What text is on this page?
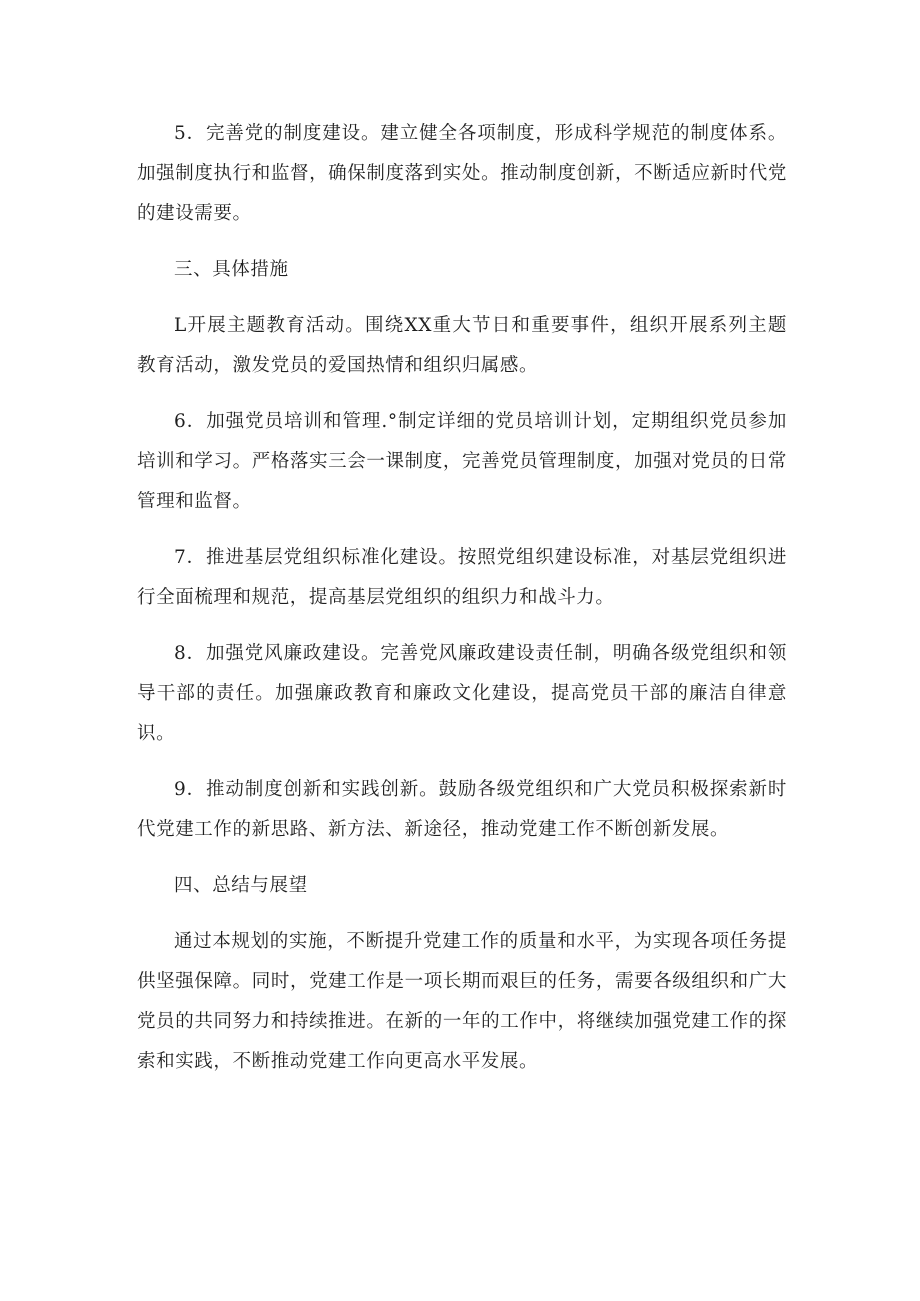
5．完善党的制度建设。建立健全各项制度，形成科学规范的制度体系。加强制度执行和监督，确保制度落到实处。推动制度创新，不断适应新时代党的建设需要。

三、具体措施

L开展主题教育活动。围绕XX重大节日和重要事件，组织开展系列主题教育活动，激发党员的爱国热情和组织归属感。

6．加强党员培训和管理.°制定详细的党员培训计划，定期组织党员参加培训和学习。严格落实三会一课制度，完善党员管理制度，加强对党员的日常管理和监督。

7．推进基层党组织标准化建设。按照党组织建设标准，对基层党组织进行全面梳理和规范，提高基层党组织的组织力和战斗力。

8．加强党风廉政建设。完善党风廉政建设责任制，明确各级党组织和领导干部的责任。加强廉政教育和廉政文化建设，提高党员干部的廉洁自律意识。

9．推动制度创新和实践创新。鼓励各级党组织和广大党员积极探索新时代党建工作的新思路、新方法、新途径，推动党建工作不断创新发展。

四、总结与展望

通过本规划的实施，不断提升党建工作的质量和水平，为实现各项任务提供坚强保障。同时，党建工作是一项长期而艰巨的任务，需要各级组织和广大党员的共同努力和持续推进。在新的一年的工作中，将继续加强党建工作的探索和实践，不断推动党建工作向更高水平发展。
